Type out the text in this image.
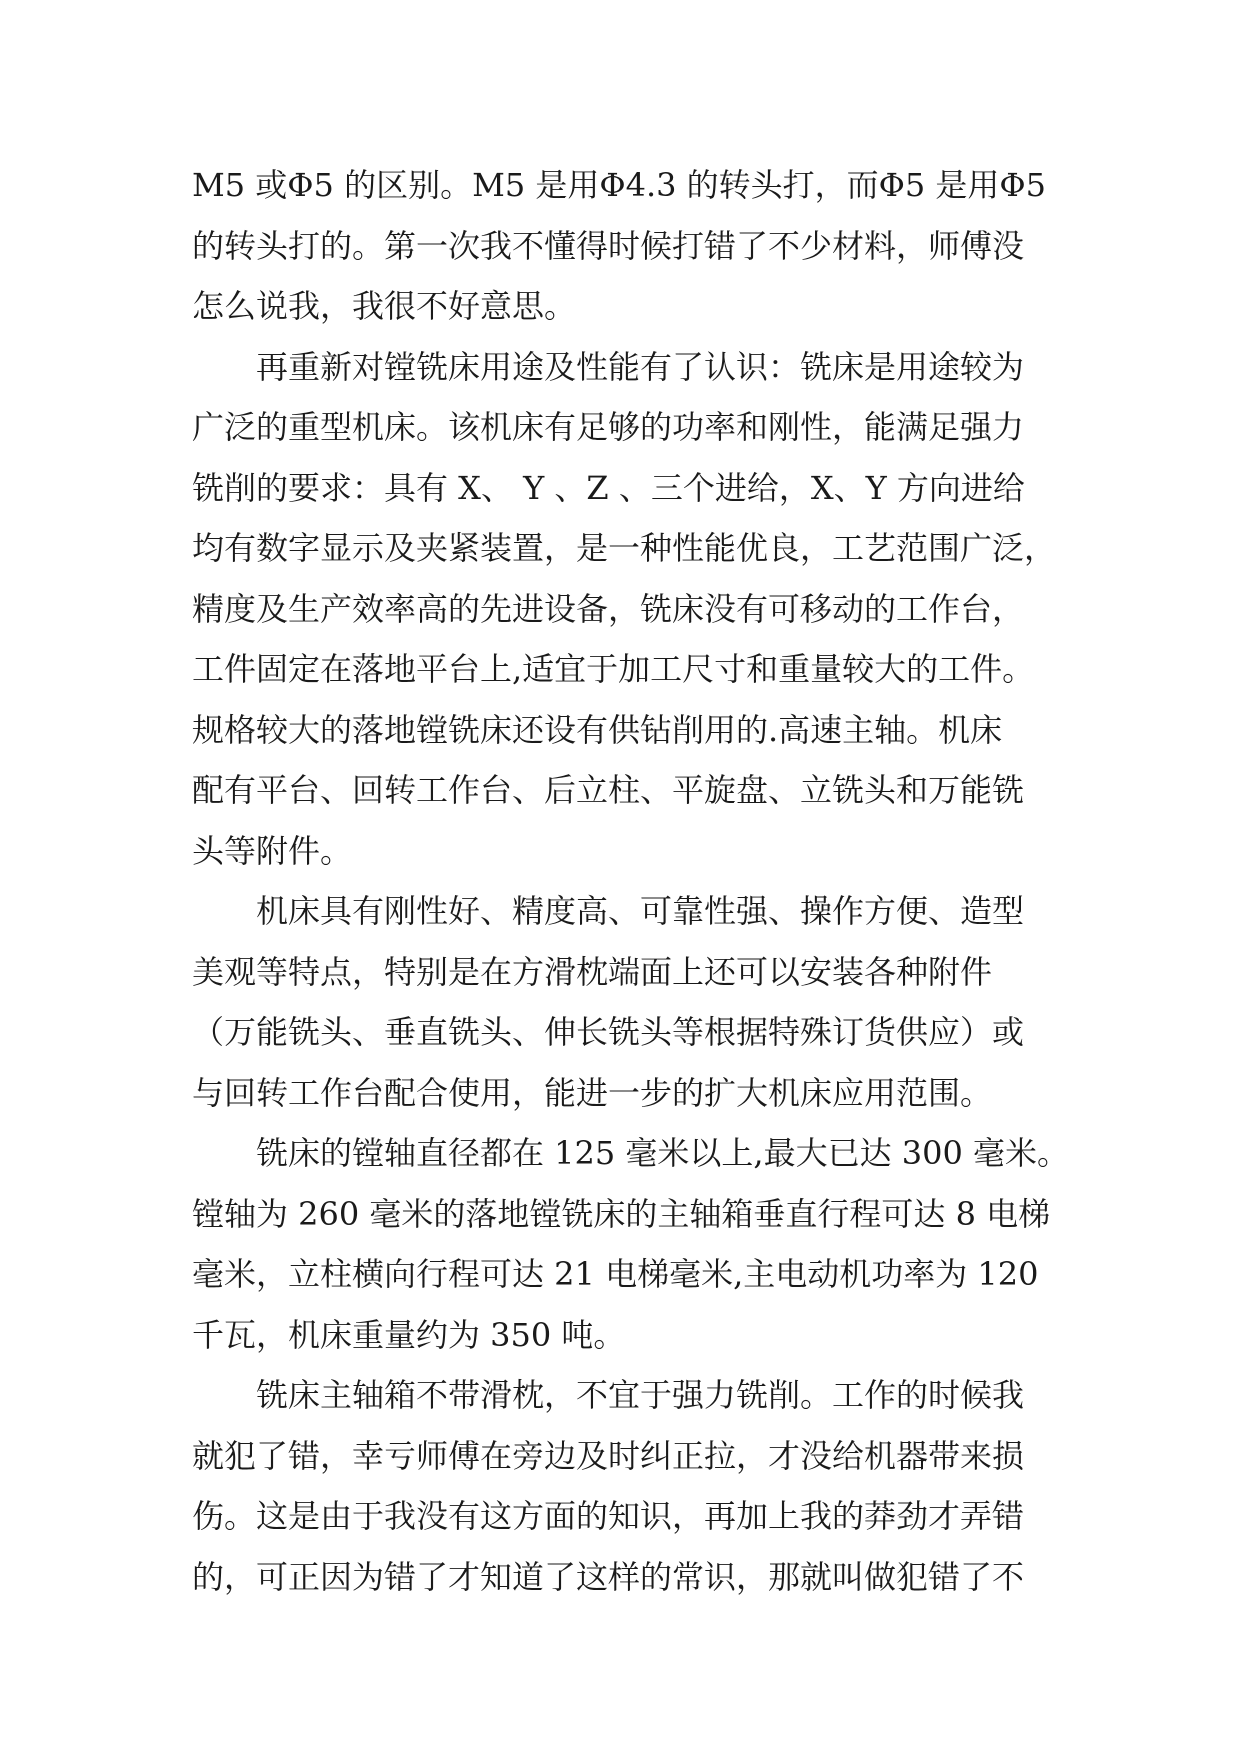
M5 或Φ5 的区别。M5 是用Φ4.3 的转头打，而Φ5 是用Φ5
的转头打的。第一次我不懂得时候打错了不少材料，师傅没
怎么说我，我很不好意思。
　　再重新对镗铣床用途及性能有了认识：铣床是用途较为
广泛的重型机床。该机床有足够的功率和刚性，能满足强力
铣削的要求：具有 X、 Y 、Z 、三个进给，X、Y 方向进给
均有数字显示及夹紧装置，是一种性能优良，工艺范围广泛，
精度及生产效率高的先进设备，铣床没有可移动的工作台，
工件固定在落地平台上,适宜于加工尺寸和重量较大的工件。
规格较大的落地镗铣床还设有供钻削用的.高速主轴。机床
配有平台、回转工作台、后立柱、平旋盘、立铣头和万能铣
头等附件。
　　机床具有刚性好、精度高、可靠性强、操作方便、造型
美观等特点，特别是在方滑枕端面上还可以安装各种附件
（万能铣头、垂直铣头、伸长铣头等根据特殊订货供应）或
与回转工作台配合使用，能进一步的扩大机床应用范围。
　　铣床的镗轴直径都在 125 毫米以上,最大已达 300 毫米。
镗轴为 260 毫米的落地镗铣床的主轴箱垂直行程可达 8 电梯
毫米，立柱横向行程可达 21 电梯毫米,主电动机功率为 120
千瓦，机床重量约为 350 吨。
　　铣床主轴箱不带滑枕，不宜于强力铣削。工作的时候我
就犯了错，幸亏师傅在旁边及时纠正拉，才没给机器带来损
伤。这是由于我没有这方面的知识，再加上我的莽劲才弄错
的，可正因为错了才知道了这样的常识，那就叫做犯错了不
